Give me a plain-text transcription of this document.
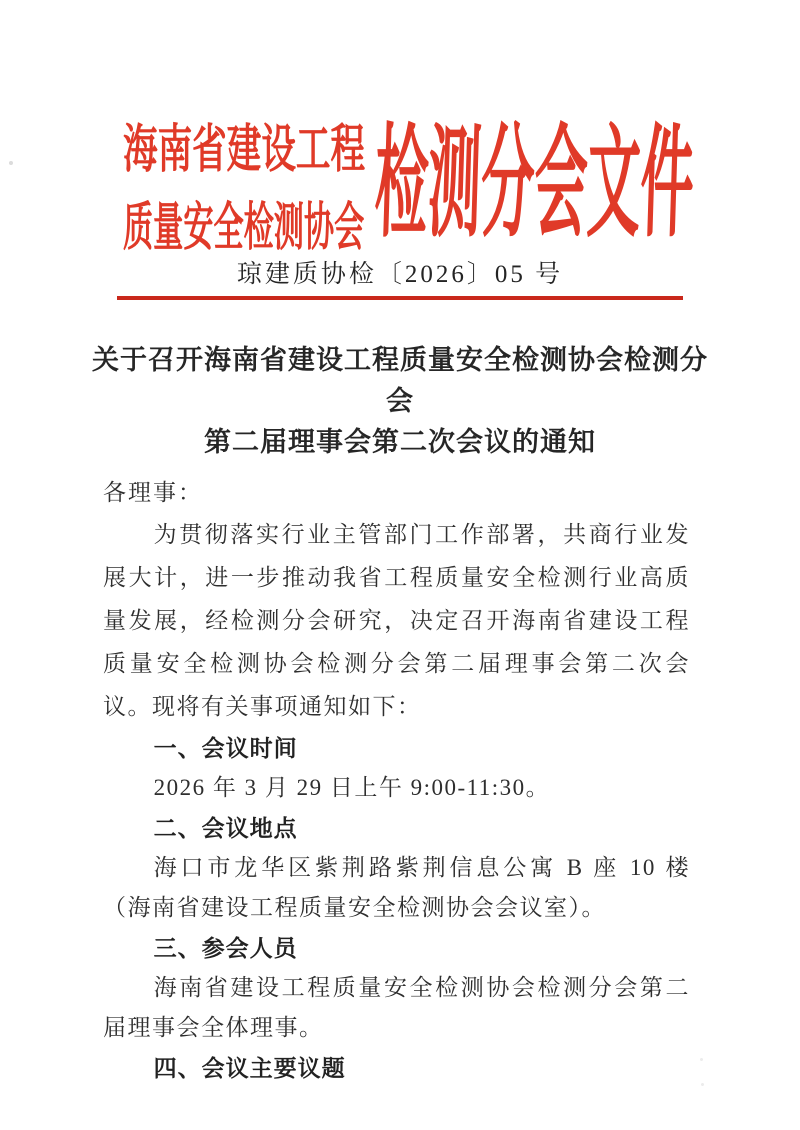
海南省建设工程
质量安全检测协会 检测分会文件
琼建质协检〔2026〕05 号
关于召开海南省建设工程质量安全检测协会检测分会
第二届理事会第二次会议的通知
各理事：

为贯彻落实行业主管部门工作部署，共商行业发展大计，进一步推动我省工程质量安全检测行业高质量发展，经检测分会研究，决定召开海南省建设工程质量安全检测协会检测分会第二届理事会第二次会议。现将有关事项通知如下：

一、会议时间

2026 年 3 月 29 日上午 9:00-11:30。

二、会议地点

海口市龙华区紫荆路紫荆信息公寓 B 座 10 楼（海南省建设工程质量安全检测协会会议室）。

三、参会人员

海南省建设工程质量安全检测协会检测分会第二届理事会全体理事。

四、会议主要议题
